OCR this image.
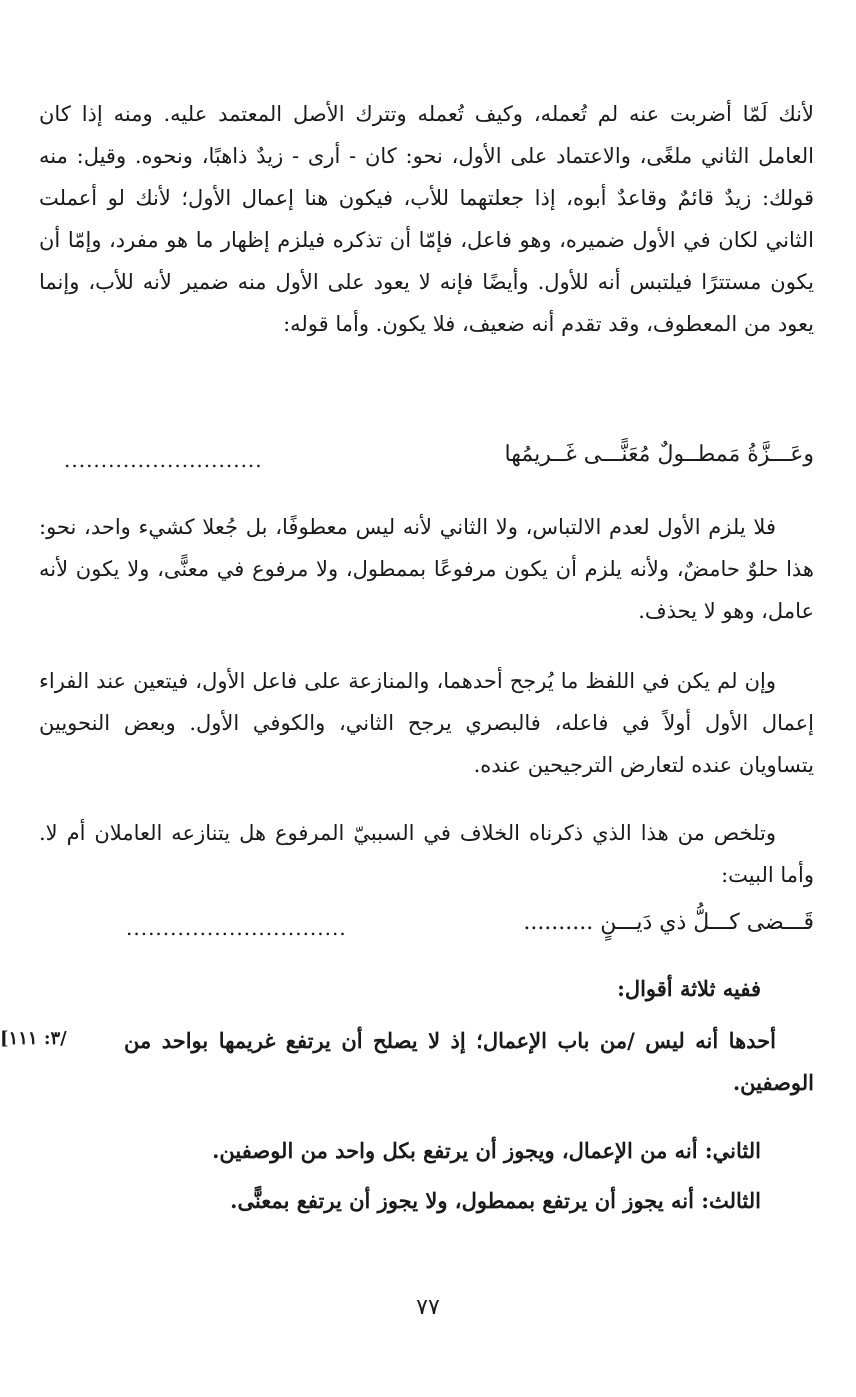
لأنك لَمّا أضربت عنه لم تُعمله، وكيف تُعمله وتترك الأصل المعتمد عليه. ومنه إذا كان العامل الثاني ملغًى، والاعتماد على الأول، نحو: كان - أرى - زيدٌ ذاهبًا، ونحوه. وقيل: منه قولك: زيدٌ قائمٌ وقاعدٌ أبوه، إذا جعلتهما للأب، فيكون هنا إعمال الأول؛ لأنك لو أعملت الثاني لكان في الأول ضميره، وهو فاعل، فإمّا أن تذكره فيلزم إظهار ما هو مفرد، وإمّا أن يكون مستترًا فيلتبس أنه للأول. وأيضًا فإنه لا يعود على الأول منه ضمير لأنه للأب، وإنما يعود من المعطوف، وقد تقدم أنه ضعيف، فلا يكون. وأما قوله:

وعَـــزَّةُ مَمطــولٌ مُعَنًّـــى غَــريمُها
...........................

فلا يلزم الأول لعدم الالتباس، ولا الثاني لأنه ليس معطوفًا، بل جُعلا كشيء واحد، نحو: هذا حلوٌ حامضٌ، ولأنه يلزم أن يكون مرفوعًا بممطول، ولا مرفوع في معنًّى، ولا يكون لأنه عامل، وهو لا يحذف.

وإن لم يكن في اللفظ ما يُرجح أحدهما، والمنازعة على فاعل الأول، فيتعين عند الفراء إعمال الأول أولاً في فاعله، فالبصري يرجح الثاني، والكوفي الأول. وبعض النحويين يتساويان عنده لتعارض الترجيحين عنده.

وتلخص من هذا الذي ذكرناه الخلاف في السببيّ المرفوع هل يتنازعه العاملان أم لا. وأما البيت:

قَـــضى كـــلُّ ذي دَيـــنٍ ..........
..............................

ففيه ثلاثة أقوال:

[٣: ١١١/	أحدها أنه ليس /من باب الإعمال؛ إذ لا يصلح أن يرتفع غريمها بواحد من الوصفين.

الثاني: أنه من الإعمال، ويجوز أن يرتفع بكل واحد من الوصفين.

الثالث: أنه يجوز أن يرتفع بممطول، ولا يجوز أن يرتفع بمعنًّى.

٧٧
